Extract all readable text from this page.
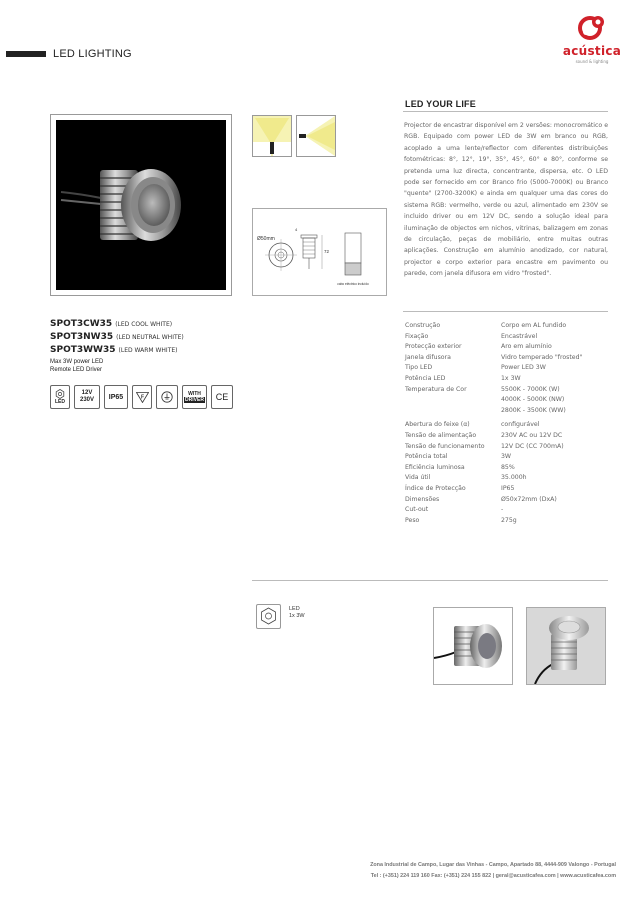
LED LIGHTING	acústica
sound & lighting
SPOT3CW35 (LED COOL WHITE)
SPOT3NW35 (LED NEUTRAL WHITE)
SPOT3WW35 (LED WARM WHITE)
Max 3W power LED
Remote LED Driver
LED
12V
230V IP65	F	WITH
DRIVER CE
Ø50mm
72
4
cabo eléctrico incluído
LED YOUR LIFE
Projector de encastrar disponível em 2 versões: monocromático e RGB. Equipado com power LED de 3W em branco ou RGB, acoplado a uma lente/reflector com diferentes distribuições fotométricas: 8°, 12°, 19°, 35°, 45°, 60° e 80°, conforme se pretenda uma luz directa, concentrante, dispersa, etc. O LED pode ser fornecido em cor Branco frio (5000-7000K) ou Branco "quente" (2700-3200K) e ainda em qualquer uma das cores do sistema RGB: vermelho, verde ou azul, alimentado em 230V se incluido driver ou em 12V DC, sendo a solução ideal para iluminação de objectos em nichos, vitrinas, balizagem em zonas de circulação, peças de mobiliário, entre muitas outras aplicações. Construção em alumínio anodizado, cor natural, projector e corpo exterior para encastre em pavimento ou parede, com janela difusora em vidro "frosted".
Construção	Corpo em AL fundido
Fixação	Encastrável
Protecção exterior	Aro em alumínio
Janela difusora	Vidro temperado "frosted"
Tipo LED	Power LED 3W
Potência LED	1x 3W
Temperatura de Cor	5500K - 7000K (W)
4000K - 5000K (NW)
2800K - 3500K (WW)
Abertura do feixe (α)	configurável
Tensão de alimentação	230V AC ou 12V DC
Tensão de funcionamento	12V DC (CC 700mA)
Potência total	3W
Eficiência luminosa	85%
Vida útil	35.000h
Índice de Protecção	IP65
Dimensões	Ø50x72mm (DxA)
Cut-out	-
Peso	275g
LED
1x 3W
Zona Industrial de Campo, Lugar das Vinhas - Campo, Apartado 88, 4444-909 Valongo - Portugal
Tel : (+351) 224 119 160 Fax: (+351) 224 155 822 | geral@acusticafea.com | www.acusticafea.com
